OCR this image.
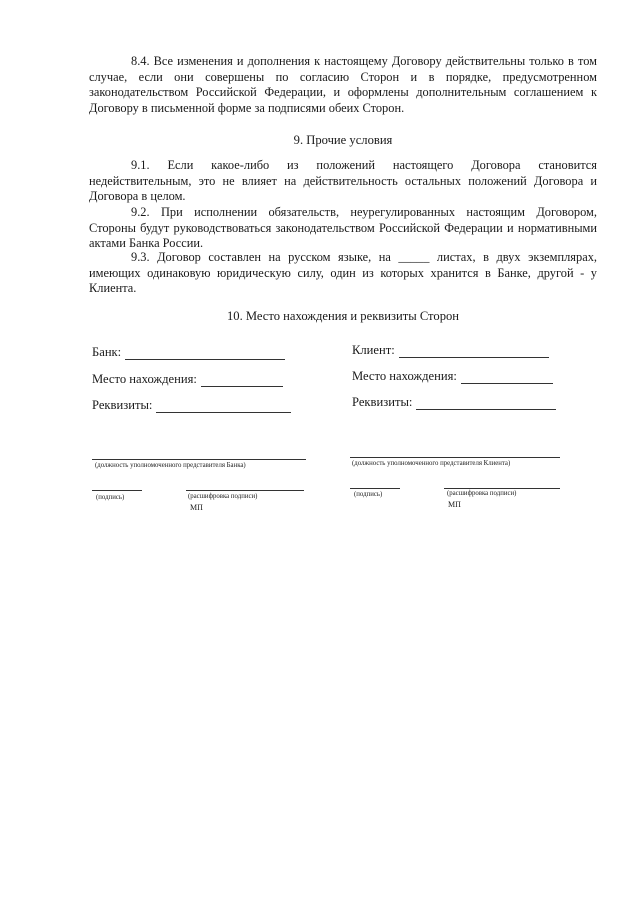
8.4. Все изменения и дополнения к настоящему Договору действительны только в том случае, если они совершены по согласию Сторон и в порядке, предусмотренном законодательством Российской Федерации, и оформлены дополнительным соглашением к Договору в письменной форме за подписями обеих Сторон.
9. Прочие условия
9.1. Если какое-либо из положений настоящего Договора становится недействительным, это не влияет на действительность остальных положений Договора и Договора в целом.
9.2. При исполнении обязательств, неурегулированных настоящим Договором, Стороны будут руководствоваться законодательством Российской Федерации и нормативными актами Банка России.
9.3. Договор составлен на русском языке, на _____ листах, в двух экземплярах, имеющих одинаковую юридическую силу, один из которых хранится в Банке, другой - у Клиента.
10. Место нахождения и реквизиты Сторон
Банк:
Место нахождения:
Реквизиты:
Клиент:
Место нахождения:
Реквизиты:
(должность уполномоченного представителя Банка)
(подпись)	(расшифровка подписи)
МП
(должность уполномоченного представителя Клиента)
(подпись)	(расшифровка подписи)
МП
